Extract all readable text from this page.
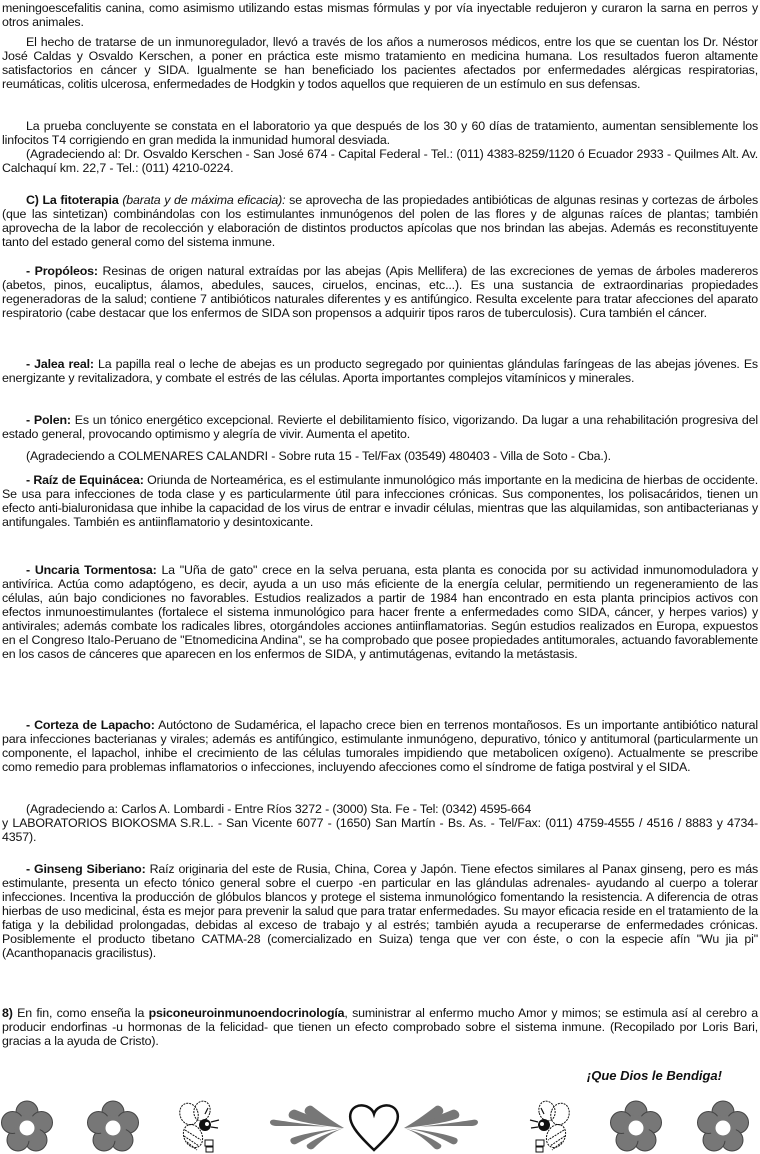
meningoescefalitis canina, como asimismo utilizando estas mismas fórmulas y por vía inyectable redujeron y curaron la sarna en perros y otros animales.

El hecho de tratarse de un inmunoregulador, llevó a través de los años a numerosos médicos, entre los que se cuentan los Dr. Néstor José Caldas y Osvaldo Kerschen, a poner en práctica este mismo tratamiento en medicina humana. Los resultados fueron altamente satisfactorios en cáncer y SIDA. Igualmente se han beneficiado los pacientes afectados por enfermedades alérgicas respiratorias, reumáticas, colitis ulcerosa, enfermedades de Hodgkin y todos aquellos que requieren de un estímulo en sus defensas.

La prueba concluyente se constata en el laboratorio ya que después de los 30 y 60 días de tratamiento, aumentan sensiblemente los linfocitos T4 corrigiendo en gran medida la inmunidad humoral desviada.

(Agradeciendo al: Dr. Osvaldo Kerschen - San José 674 - Capital Federal - Tel.: (011) 4383-8259/1120 ó Ecuador 2933 - Quilmes Alt. Av. Calchaquí km. 22,7 - Tel.: (011) 4210-0224.

C) La fitoterapia (barata y de máxima eficacia): se aprovecha de las propiedades antibióticas de algunas resinas y cortezas de árboles (que las sintetizan) combinándolas con los estimulantes inmunógenos del polen de las flores y de algunas raíces de plantas; también aprovecha de la labor de recolección y elaboración de distintos productos apícolas que nos brindan las abejas. Además es reconstituyente tanto del estado general como del sistema inmune.

- Propóleos: Resinas de origen natural extraídas por las abejas (Apis Mellifera) de las excreciones de yemas de árboles madereros (abetos, pinos, eucaliptus, álamos, abedules, sauces, ciruelos, encinas, etc...). Es una sustancia de extraordinarias propiedades regeneradoras de la salud; contiene 7 antibióticos naturales diferentes y es antifúngico. Resulta excelente para tratar afecciones del aparato respiratorio (cabe destacar que los enfermos de SIDA son propensos a adquirir tipos raros de tuberculosis). Cura también el cáncer.

- Jalea real: La papilla real o leche de abejas es un producto segregado por quinientas glándulas faríngeas de las abejas jóvenes. Es energizante y revitalizadora, y combate el estrés de las células. Aporta importantes complejos vitamínicos y minerales.

- Polen: Es un tónico energético excepcional. Revierte el debilitamiento físico, vigorizando. Da lugar a una rehabilitación progresiva del estado general, provocando optimismo y alegría de vivir. Aumenta el apetito.

(Agradeciendo a COLMENARES CALANDRI - Sobre ruta 15 - Tel/Fax (03549) 480403 - Villa de Soto - Cba.).

- Raíz de Equinácea: Oriunda de Norteamérica, es el estimulante inmunológico más importante en la medicina de hierbas de occidente. Se usa para infecciones de toda clase y es particularmente útil para infecciones crónicas. Sus componentes, los polisacáridos, tienen un efecto anti-bialuronidasa que inhibe la capacidad de los virus de entrar e invadir células, mientras que las alquilamidas, son antibacterianas y antifungales. También es antiinflamatorio y desintoxicante.

- Uncaria Tormentosa: La "Uña de gato" crece en la selva peruana, esta planta es conocida por su actividad inmunomoduladora y antivírica. Actúa como adaptógeno, es decir, ayuda a un uso más eficiente de la energía celular, permitiendo un regeneramiento de las células, aún bajo condiciones no favorables. Estudios realizados a partir de 1984 han encontrado en esta planta principios activos con efectos inmunoestimulantes (fortalece el sistema inmunológico para hacer frente a enfermedades como SIDA, cáncer, y herpes varios) y antivirales; además combate los radicales libres, otorgándoles acciones antiinflamatorias. Según estudios realizados en Europa, expuestos en el Congreso Italo-Peruano de "Etnomedicina Andina", se ha comprobado que posee propiedades antitumorales, actuando favorablemente en los casos de cánceres que aparecen en los enfermos de SIDA, y antimutágenas, evitando la metástasis.

- Corteza de Lapacho: Autóctono de Sudamérica, el lapacho crece bien en terrenos montañosos. Es un importante antibiótico natural para infecciones bacterianas y virales; además es antifúngico, estimulante inmunógeno, depurativo, tónico y antitumoral (particularmente un componente, el lapachol, inhibe el crecimiento de las células tumorales impidiendo que metabolicen oxígeno). Actualmente se prescribe como remedio para problemas inflamatorios o infecciones, incluyendo afecciones como el síndrome de fatiga postviral y el SIDA.

(Agradeciendo a: Carlos A. Lombardi - Entre Ríos 3272 - (3000) Sta. Fe - Tel: (0342) 4595-664

y LABORATORIOS BIOKOSMA S.R.L. - San Vicente 6077 - (1650) San Martín - Bs. As. - Tel/Fax: (011) 4759-4555 / 4516 / 8883 y 4734-4357).

- Ginseng Siberiano: Raíz originaria del este de Rusia, China, Corea y Japón. Tiene efectos similares al Panax ginseng, pero es más estimulante, presenta un efecto tónico general sobre el cuerpo -en particular en las glándulas adrenales- ayudando al cuerpo a tolerar infecciones. Incentiva la producción de glóbulos blancos y protege el sistema inmunológico fomentando la resistencia. A diferencia de otras hierbas de uso medicinal, ésta es mejor para prevenir la salud que para tratar enfermedades. Su mayor eficacia reside en el tratamiento de la fatiga y la debilidad prolongadas, debidas al exceso de trabajo y al estrés; también ayuda a recuperarse de enfermedades crónicas. Posiblemente el producto tibetano CATMA-28 (comercializado en Suiza) tenga que ver con éste, o con la especie afín "Wu jia pi" (Acanthopanacis gracilistus).

8) En fin, como enseña la psiconeuroinmunoendocrinología, suministrar al enfermo mucho Amor y mimos; se estimula así al cerebro a producir endorfinas -u hormonas de la felicidad- que tienen un efecto comprobado sobre el sistema inmune. (Recopilado por Loris Bari, gracias a la ayuda de Cristo).

¡Que Dios le Bendiga!
